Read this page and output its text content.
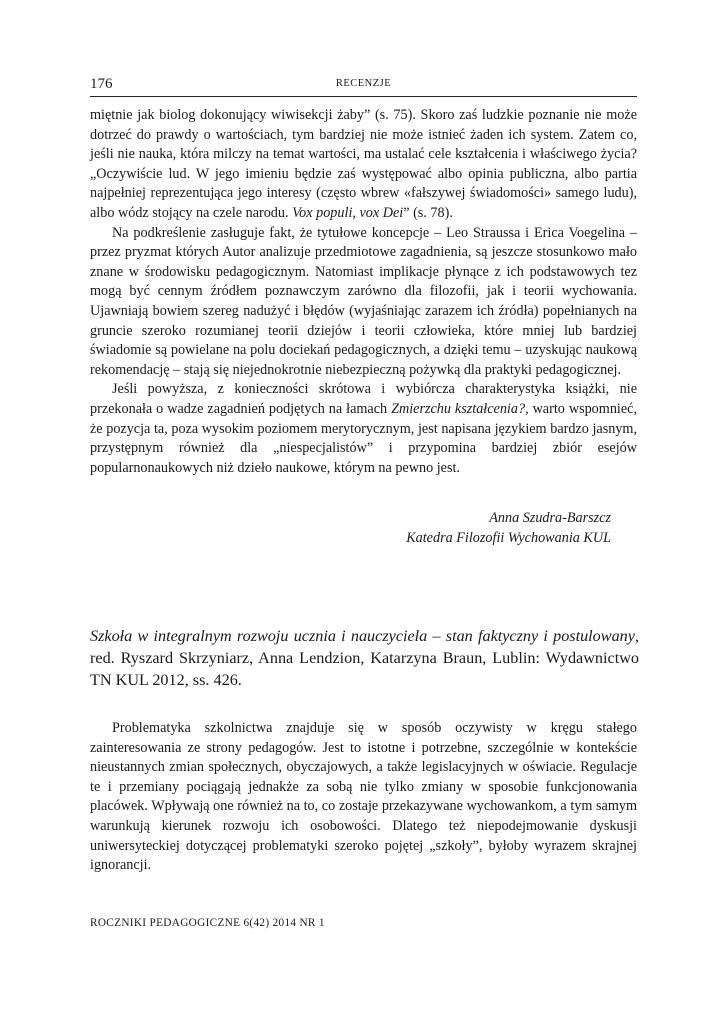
176	RECENZJE

miętnie jak biolog dokonujący wiwisekcji żaby” (s. 75). Skoro zaś ludzkie poznanie nie może dotrzeć do prawdy o wartościach, tym bardziej nie może istnieć żaden ich system. Zatem co, jeśli nie nauka, która milczy na temat wartości, ma ustalać cele kształcenia i właściwego życia? „Oczywiście lud. W jego imieniu będzie zaś występować albo opinia publiczna, albo partia najpełniej reprezentująca jego interesy (często wbrew «fałszywej świadomości» samego ludu), albo wódz stojący na czele narodu. Vox populi, vox Dei” (s. 78).

Na podkreślenie zasługuje fakt, że tytułowe koncepcje – Leo Straussa i Erica Voegelina – przez pryzmat których Autor analizuje przedmiotowe zagadnienia, są jeszcze stosunkowo mało znane w środowisku pedagogicznym. Natomiast implikacje płynące z ich podstawowych tez mogą być cennym źródłem poznawczym zarówno dla filozofii, jak i teorii wychowania. Ujawniają bowiem szereg nadużyć i błędów (wyjaśniając zarazem ich źródła) popełnianych na gruncie szeroko rozumianej teorii dziejów i teorii człowieka, które mniej lub bardziej świadomie są powielane na polu dociekań pedagogicznych, a dzięki temu – uzyskując naukową rekomendację – stają się niejednokrotnie niebezpieczną pożywką dla praktyki pedagogicznej.

Jeśli powyższa, z konieczności skrótowa i wybiórcza charakterystyka książki, nie przekonała o wadze zagadnień podjętych na łamach Zmierzchu kształcenia?, warto wspomnieć, że pozycja ta, poza wysokim poziomem merytorycznym, jest napisana językiem bardzo jasnym, przystępnym również dla „niespecjalistów” i przypomina bardziej zbiór esejów popularnonaukowych niż dzieło naukowe, którym na pewno jest.

Anna Szudra-Barszcz
Katedra Filozofii Wychowania KUL
Szkoła w integralnym rozwoju ucznia i nauczyciela – stan faktyczny i postulowany, red. Ryszard Skrzyniarz, Anna Lendzion, Katarzyna Braun, Lublin: Wydawnictwo TN KUL 2012, ss. 426.

Problematyka szkolnictwa znajduje się w sposób oczywisty w kręgu stałego zainteresowania ze strony pedagogów. Jest to istotne i potrzebne, szczególnie w kontekście nieustannych zmian społecznych, obyczajowych, a także legislacyjnych w oświacie. Regulacje te i przemiany pociągają jednakże za sobą nie tylko zmiany w sposobie funkcjonowania placówek. Wpływają one również na to, co zostaje przekazywane wychowankom, a tym samym warunkują kierunek rozwoju ich osobowości. Dlatego też niepodejmowanie dyskusji uniwersyteckiej dotyczącej problematyki szeroko pojętej „szkoły”, byłoby wyrazem skrajnej ignorancji.

ROCZNIKI PEDAGOGICZNE 6(42) 2014 NR 1
